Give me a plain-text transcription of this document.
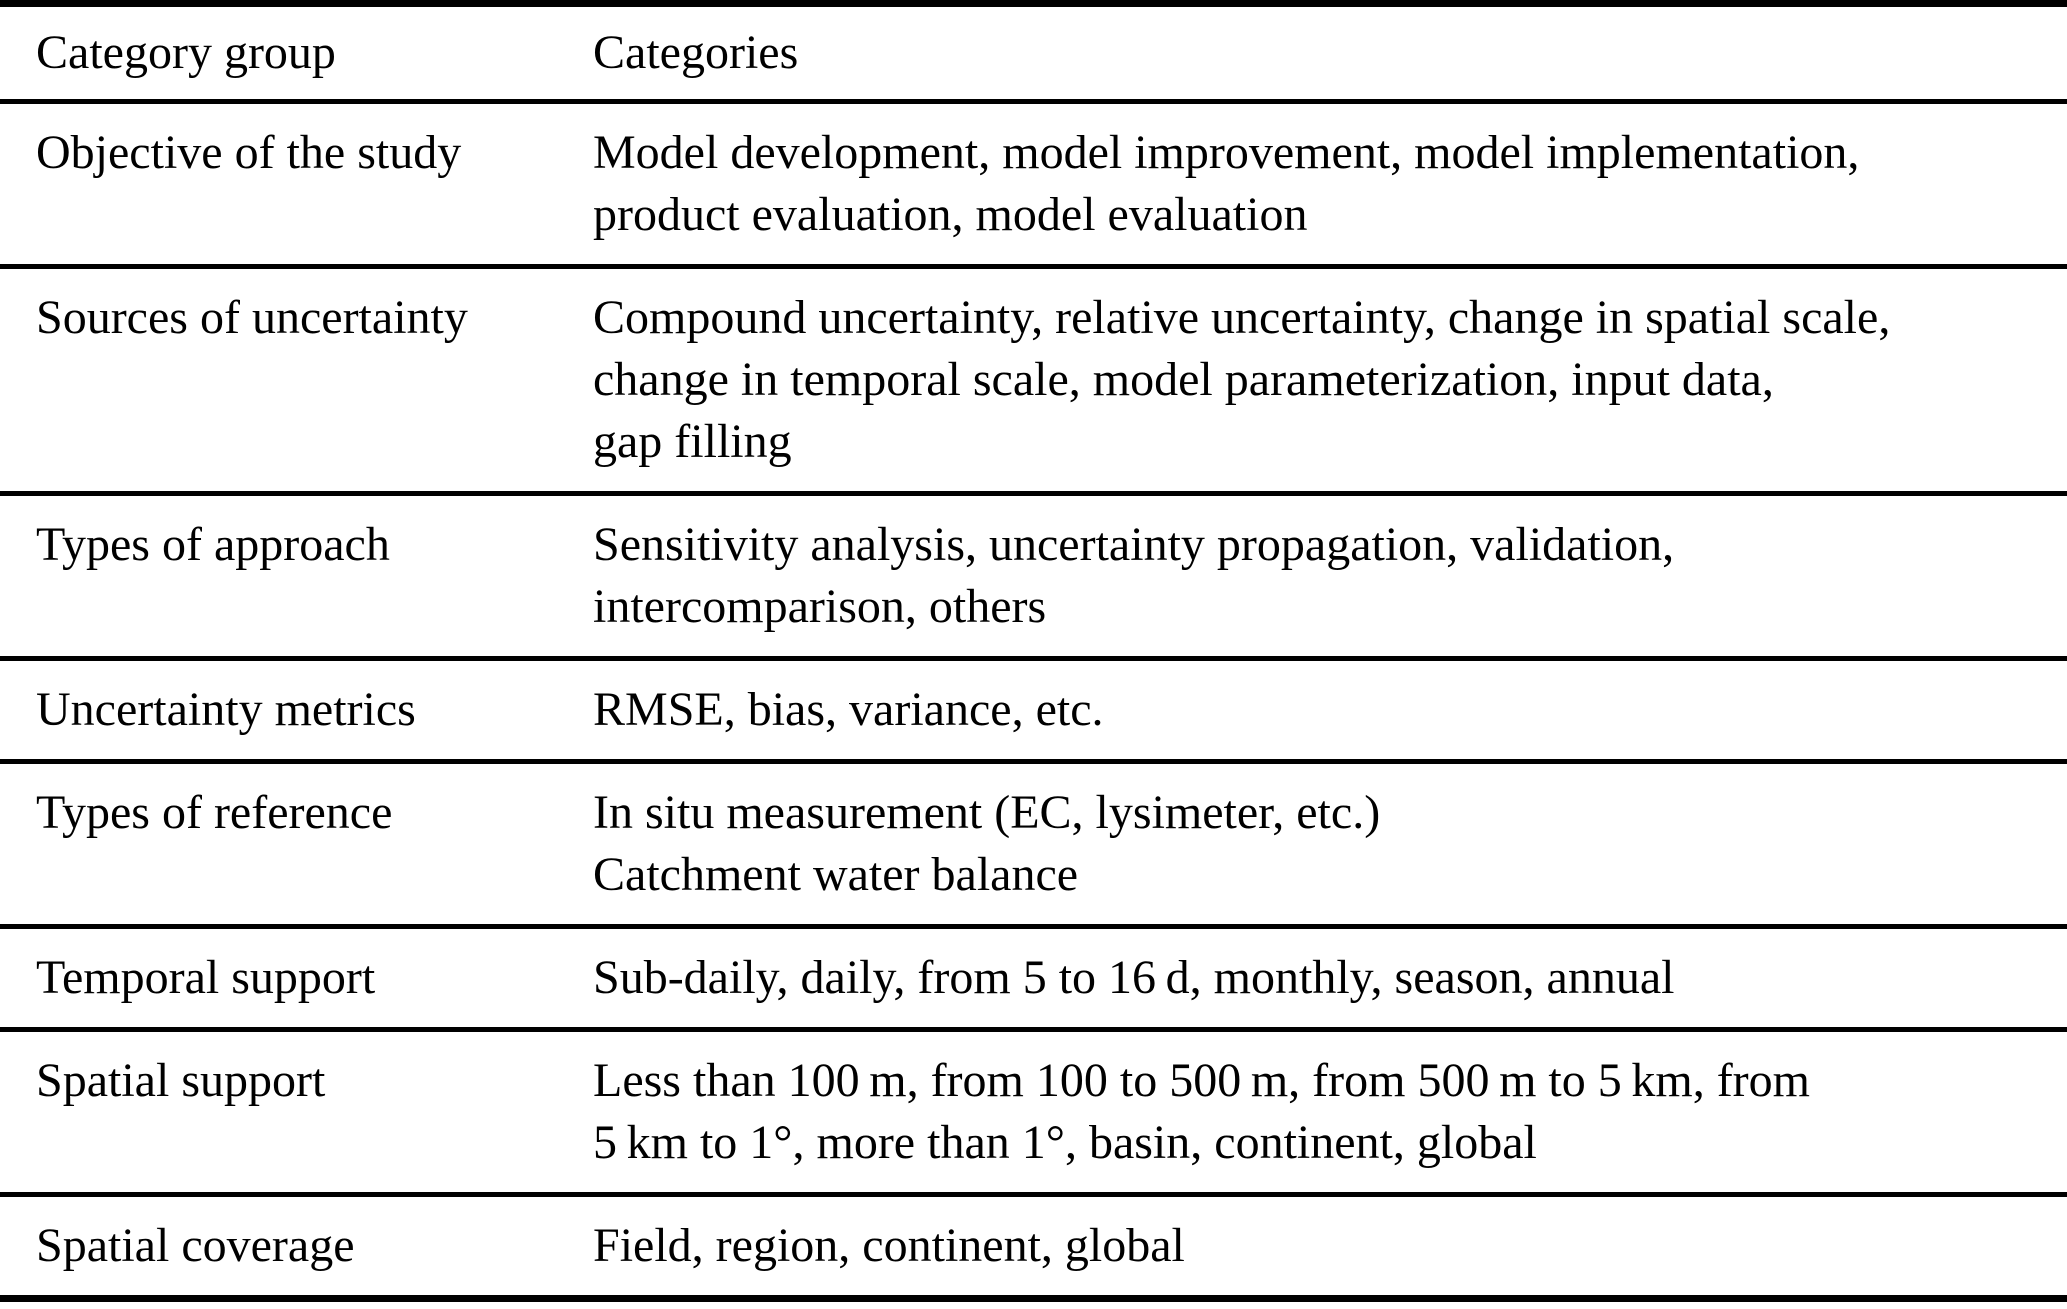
Category group	Categories
Objective of the study	Model development, model improvement, model implementation,
product evaluation, model evaluation

Sources of uncertainty	Compound uncertainty, relative uncertainty, change in spatial scale,
change in temporal scale, model parameterization, input data,
gap filling

Types of approach	Sensitivity analysis, uncertainty propagation, validation,
intercomparison, others

Uncertainty metrics	RMSE, bias, variance, etc.

Types of reference	In situ measurement (EC, lysimeter, etc.)
Catchment water balance

Temporal support	Sub-daily, daily, from 5 to 16 d, monthly, season, annual

Spatial support	Less than 100 m, from 100 to 500 m, from 500 m to 5 km, from
5 km to 1°, more than 1°, basin, continent, global

Spatial coverage	Field, region, continent, global
